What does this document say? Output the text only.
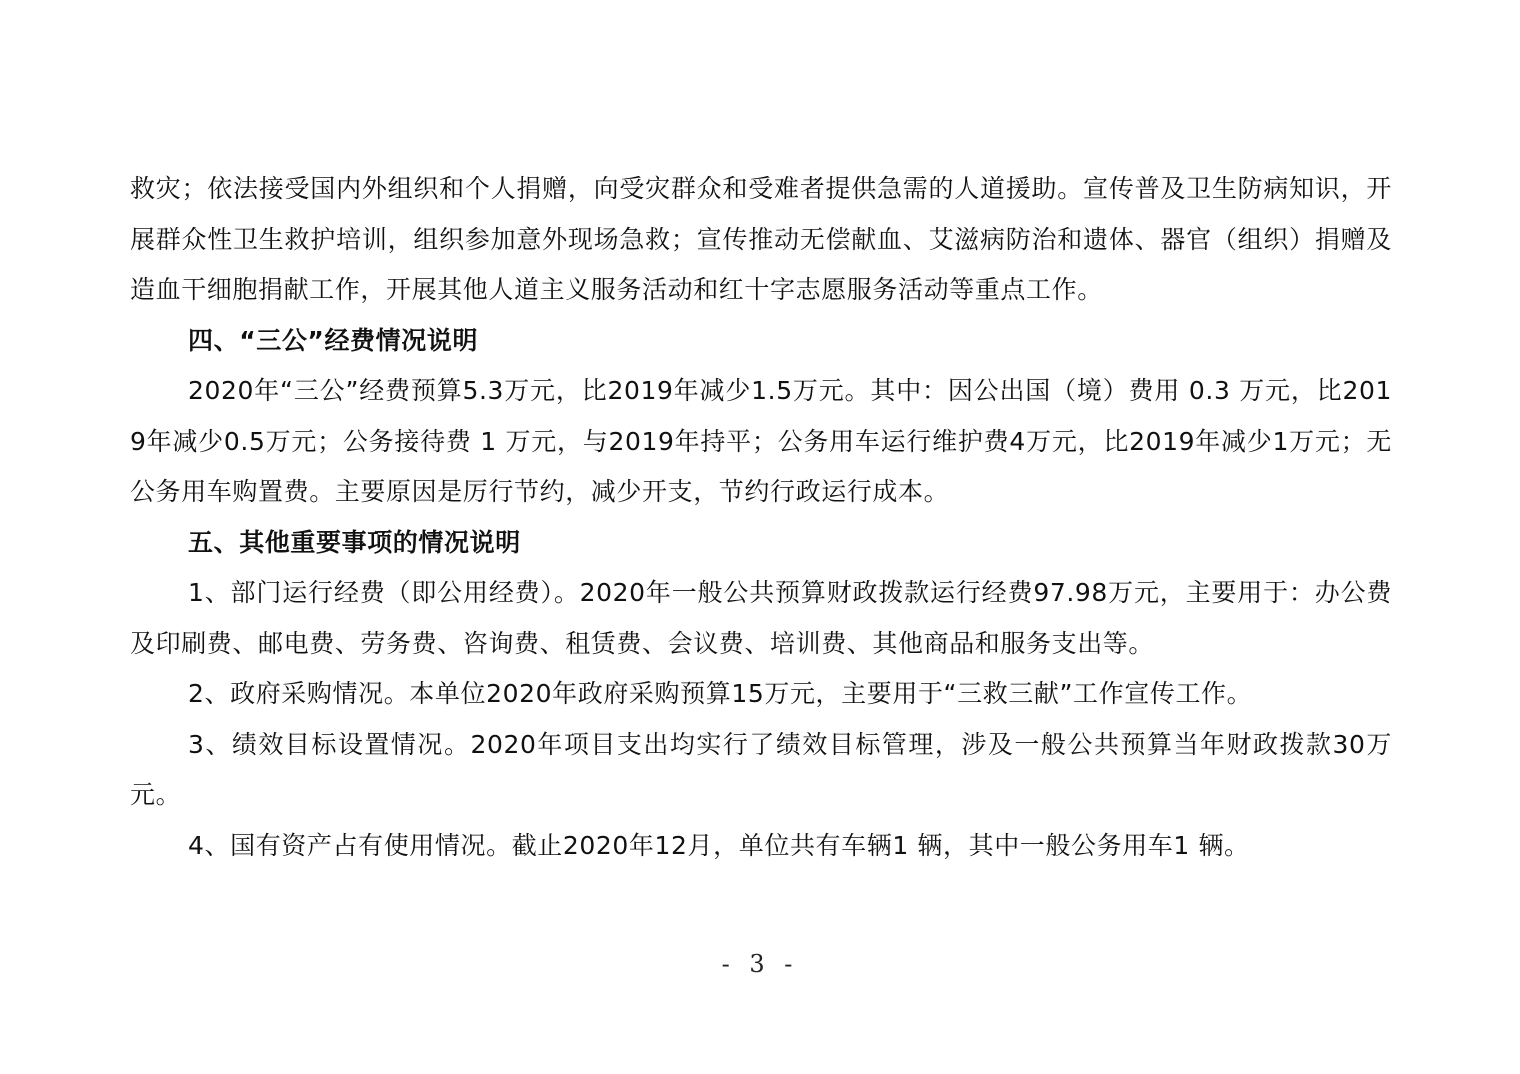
救灾；依法接受国内外组织和个人捐赠，向受灾群众和受难者提供急需的人道援助。宣传普及卫生防病知识，开展群众性卫生救护培训，组织参加意外现场急救；宣传推动无偿献血、艾滋病防治和遗体、器官（组织）捐赠及造血干细胞捐献工作，开展其他人道主义服务活动和红十字志愿服务活动等重点工作。

四、“三公”经费情况说明

2020年“三公”经费预算5.3万元，比2019年减少1.5万元。其中：因公出国（境）费用 0.3 万元，比2019年减少0.5万元；公务接待费 1 万元，与2019年持平；公务用车运行维护费4万元，比2019年减少1万元；无公务用车购置费。主要原因是厉行节约，减少开支，节约行政运行成本。

五、其他重要事项的情况说明

1、部门运行经费（即公用经费）。2020年一般公共预算财政拨款运行经费97.98万元，主要用于：办公费及印刷费、邮电费、劳务费、咨询费、租赁费、会议费、培训费、其他商品和服务支出等。

2、政府采购情况。本单位2020年政府采购预算15万元，主要用于“三救三献”工作宣传工作。

3、绩效目标设置情况。2020年项目支出均实行了绩效目标管理，涉及一般公共预算当年财政拨款30万元。

4、国有资产占有使用情况。截止2020年12月，单位共有车辆1 辆，其中一般公务用车1 辆。

- 3 -
